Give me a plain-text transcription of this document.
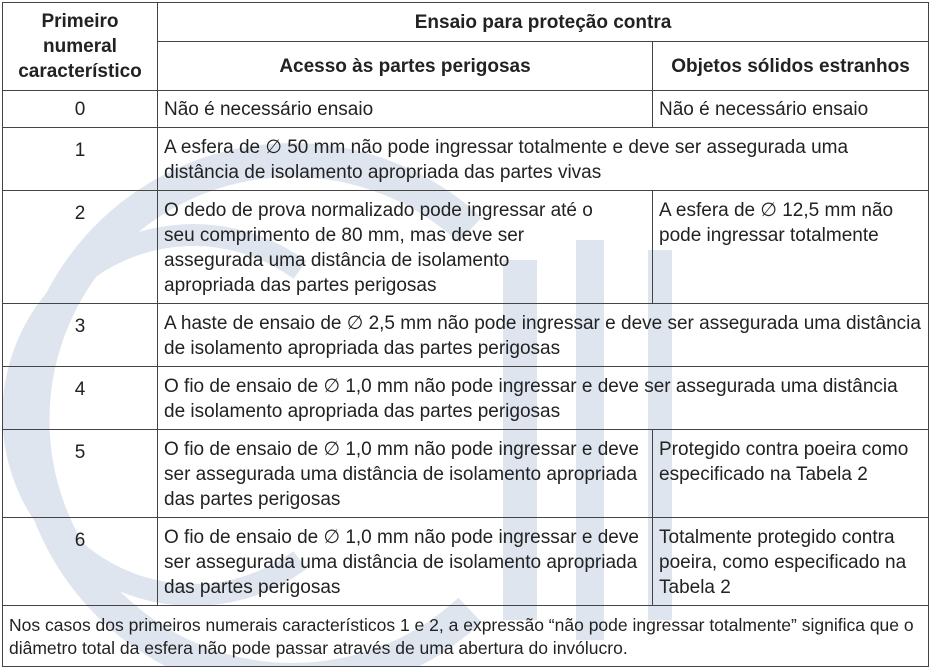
Primeiro
numeral
característico	Ensaio para proteção contra	
	Acesso às partes perigosas	Objetos sólidos estranhos
0	Não é necessário ensaio	Não é necessário ensaio
1	A esfera de ∅ 50 mm não pode ingressar totalmente e deve ser assegurada uma distância de isolamento apropriada das partes vivas	
2	O dedo de prova normalizado pode ingressar até o seu comprimento de 80 mm, mas deve ser assegurada uma distância de isolamento apropriada das partes perigosas	A esfera de ∅ 12,5 mm não pode ingressar totalmente
3	A haste de ensaio de ∅ 2,5 mm não pode ingressar e deve ser assegurada uma distância de isolamento apropriada das partes perigosas	
4	O fio de ensaio de ∅ 1,0 mm não pode ingressar e deve ser assegurada uma distância de isolamento apropriada das partes perigosas	
5	O fio de ensaio de ∅ 1,0 mm não pode ingressar e deve ser assegurada uma distância de isolamento apropriada das partes perigosas	Protegido contra poeira como especificado na Tabela 2
6	O fio de ensaio de ∅ 1,0 mm não pode ingressar e deve ser assegurada uma distância de isolamento apropriada das partes perigosas	Totalmente protegido contra poeira, como especificado na Tabela 2
Nos casos dos primeiros numerais característicos 1 e 2, a expressão “não pode ingressar totalmente” significa que o diâmetro total da esfera não pode passar através de uma abertura do invólucro.		
